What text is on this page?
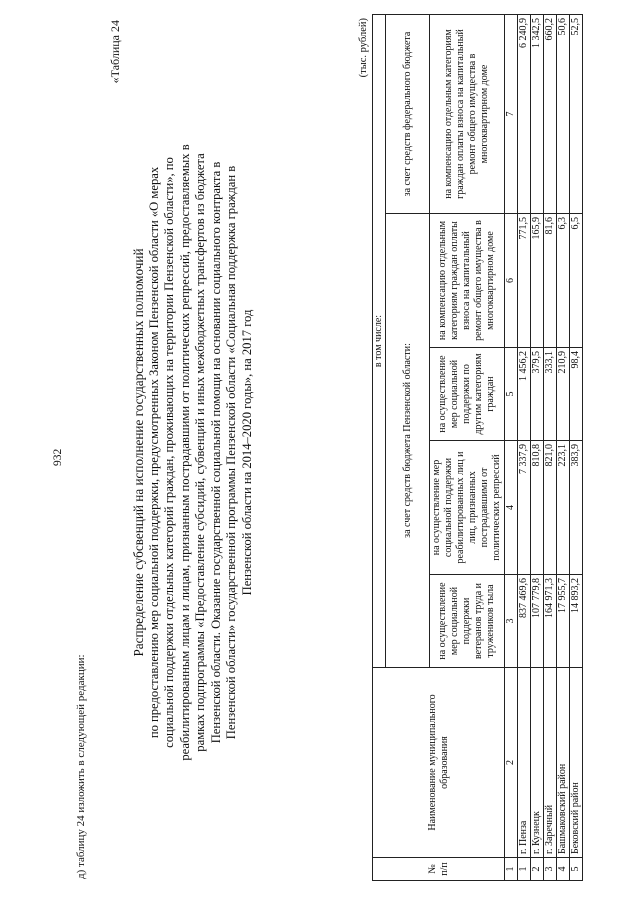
932
д) таблицу 24 изложить в следующей редакции:
«Таблица 24
Распределение субсвенций на исполнение государственных полномочий по предоставлению мер социальной поддержки, предусмотренных Законом Пензенской области «О мерах социальной поддержки отдельных категорий граждан, проживающих на территории Пензенской области», по реабилитированным лицам и лицам, признанным пострадавшими от политических репрессий, предоставляемых в рамках подпрограммы «Предоставление субсидий, субвенций и иных межбюджетных трансфертов из бюджета Пензенской области. Оказание государственной социальной помощи на основании социального контракта в Пензенской области» государственной программы Пензенской области «Социальная поддержка граждан в Пензенской области на 2014–2020 годы», на 2017 год
(тыс. рублей)
№ п/п	Наименование муниципального образования	в том числе:				
		за счет средств бюджета Пензенской области:				за счет средств федерального бюджета
		на осуществление мер социальной поддержки ветеранов труда и тружеников тыла	на осуществление мер социальной поддержки реабилитированных лиц и лиц, признанных пострадавшими от политических репрессий	на осуществление мер социальной поддержки по другим категориям граждан	на компенсацию отдельным категориям граждан оплаты взноса на капитальный ремонт общего имущества в многоквартирном доме	на компенсацию отдельным категориям граждан оплаты взноса на капитальный ремонт общего имущества в многоквартирном доме
1	2	3	4	5	6	7
1	г. Пенза	837 469,6	7 337,9	1 456,2	771,5	6 240,9
2	г. Кузнецк	107 779,8	810,8	379,5	165,9	1 342,5
3	г. Заречный	164 971,3	821,0	333,1	81,6	660,2
4	Башмаковский район	17 955,7	223,1	210,9	6,3	50,6
5	Бековский район	14 893,2	383,9	98,4	6,5	52,5
